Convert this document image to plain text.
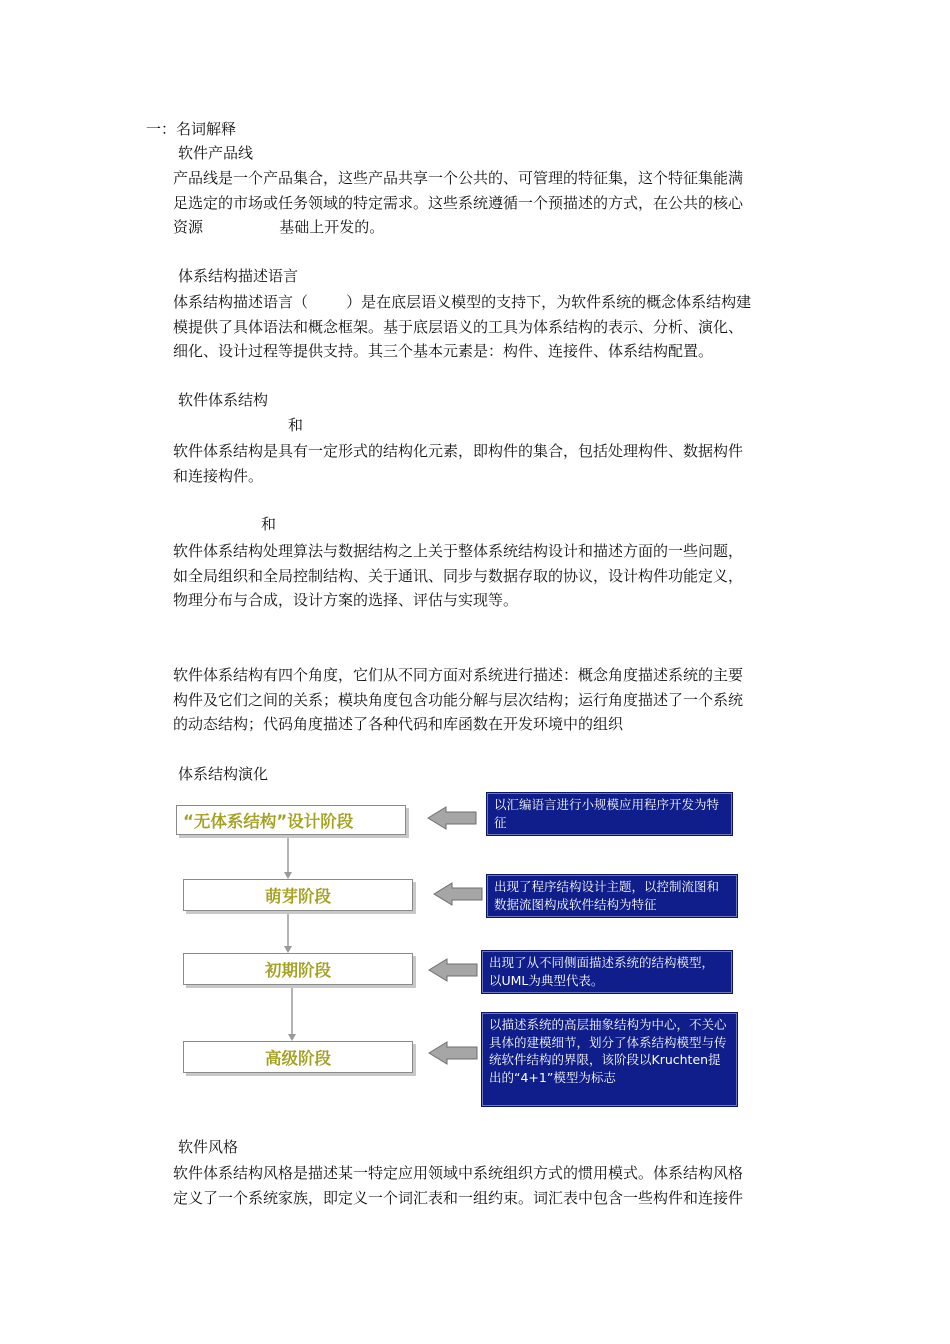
一：名词解释
软件产品线

产品线是一个产品集合，这些产品共享一个公共的、可管理的特征集，这个特征集能满

足选定的市场或任务领域的特定需求。这些系统遵循一个预描述的方式，在公共的核心

资源                基础上开发的。

体系结构描述语言

体系结构描述语言（        ）是在底层语义模型的支持下，为软件系统的概念体系结构建

模提供了具体语法和概念框架。基于底层语义的工具为体系结构的表示、分析、演化、

细化、设计过程等提供支持。其三个基本元素是：构件、连接件、体系结构配置。

软件体系结构
和

软件体系结构是具有一定形式的结构化元素，即构件的集合，包括处理构件、数据构件

和连接构件。

和

软件体系结构处理算法与数据结构之上关于整体系统结构设计和描述方面的一些问题，

如全局组织和全局控制结构、关于通讯、同步与数据存取的协议，设计构件功能定义，

物理分布与合成，设计方案的选择、评估与实现等。

软件体系结构有四个角度，它们从不同方面对系统进行描述：概念角度描述系统的主要

构件及它们之间的关系；模块角度包含功能分解与层次结构；运行角度描述了一个系统

的动态结构；代码角度描述了各种代码和库函数在开发环境中的组织

体系结构演化
“无体系结构”设计阶段
萌芽阶段
初期阶段
高级阶段
以汇编语言进行小规模应用程序开发为特征
出现了程序结构设计主题，以控制流图和数据流图构成软件结构为特征
出现了从不同侧面描述系统的结构模型，以UML为典型代表。
以描述系统的高层抽象结构为中心，不关心具体的建模细节，划分了体系结构模型与传统软件结构的界限，该阶段以Kruchten提出的“4+1”模型为标志
软件风格

软件体系结构风格是描述某一特定应用领域中系统组织方式的惯用模式。体系结构风格

定义了一个系统家族，即定义一个词汇表和一组约束。词汇表中包含一些构件和连接件
